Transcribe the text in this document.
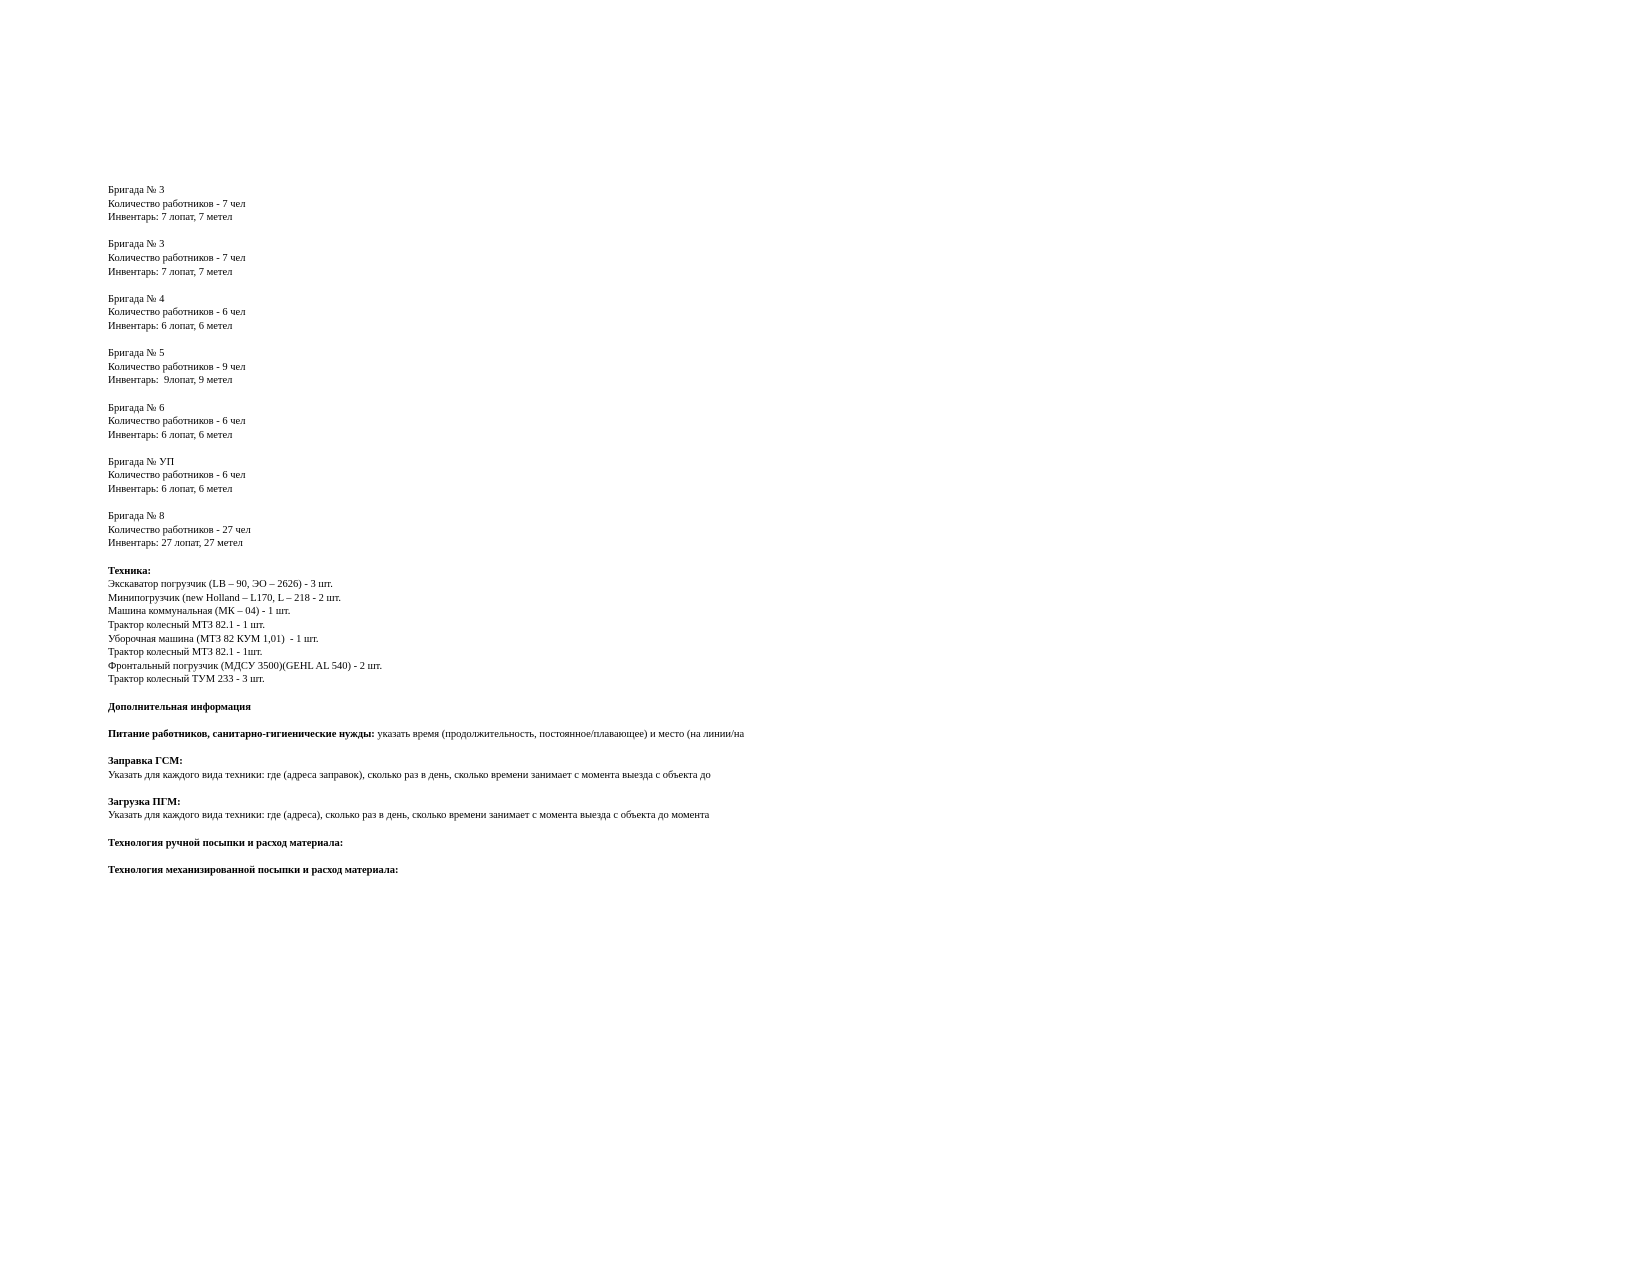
Бригада № 3
Количество работников - 7 чел
Инвентарь: 7 лопат, 7 метел
Бригада № 3
Количество работников - 7 чел
Инвентарь: 7 лопат, 7 метел
Бригада № 4
Количество работников - 6 чел
Инвентарь: 6 лопат, 6 метел
Бригада № 5
Количество работников - 9 чел
Инвентарь:  9лопат, 9 метел
Бригада № 6
Количество работников - 6 чел
Инвентарь: 6 лопат, 6 метел
Бригада № УП
Количество работников - 6 чел
Инвентарь: 6 лопат, 6 метел
Бригада № 8
Количество работников - 27 чел
Инвентарь: 27 лопат, 27 метел
Техника:
Экскаватор погрузчик (LB – 90, ЭО – 2626) - 3 шт.
Минипогрузчик (new Holland – L170, L – 218 - 2 шт.
Машина коммунальная (МК – 04) - 1 шт.
Трактор колесный МТЗ 82.1 - 1 шт.
Уборочная машина (МТЗ 82 КУМ 1,01)  - 1 шт.
Трактор колесный МТЗ 82.1 - 1шт.
Фронтальный погрузчик (МДСУ 3500)(GEHL AL 540) - 2 шт.
Трактор колесный ТУМ 233 - 3 шт.
Дополнительная информация
Питание работников, санитарно-гигиенические нужды: указать время (продолжительность, постоянное/плавающее) и место (на линии/на
Заправка ГСМ:
Указать для каждого вида техники: где (адреса заправок), сколько раз в день, сколько времени занимает с момента выезда с объекта до
Загрузка ПГМ:
Указать для каждого вида техники: где (адреса), сколько раз в день, сколько времени занимает с момента выезда с объекта до момента
Технология ручной посыпки и расход материала:
Технология механизированной посыпки и расход материала:
